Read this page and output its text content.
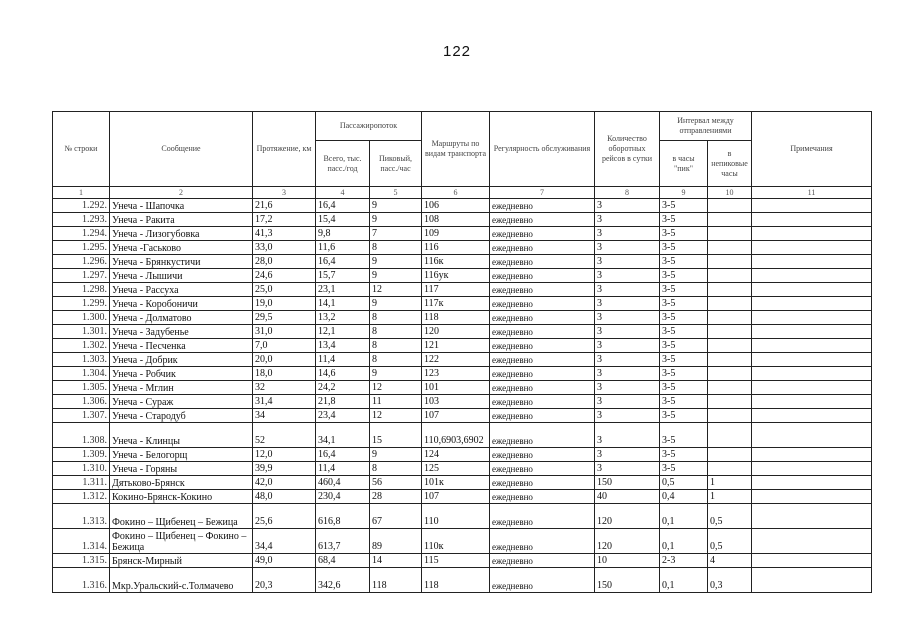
122
№ строки	Сообщение	Протяжение, км	Пассажиропоток		Маршруты по видам транспорта	Регулярность обслуживания	Количество оборотных рейсов в сутки	Интервал между отправлениями		Примечания
			Всего, тыс. пасс./год	Пиковый, пасс./час				в часы "пик"	в непиковые часы	
1	2	3	4	5	6	7	8	9	10	11
1.292.	Унеча - Шапочка	21,6	16,4	9	106	ежедневно	3	3-5		
1.293.	Унеча - Ракита	17,2	15,4	9	108	ежедневно	3	3-5		
1.294.	Унеча - Лизогубовка	41,3	9,8	7	109	ежедневно	3	3-5		
1.295.	Унеча -Гаськово	33,0	11,6	8	116	ежедневно	3	3-5		
1.296.	Унеча - Брянкустичи	28,0	16,4	9	116к	ежедневно	3	3-5		
1.297.	Унеча - Лышичи	24,6	15,7	9	116ук	ежедневно	3	3-5		
1.298.	Унеча - Рассуха	25,0	23,1	12	117	ежедневно	3	3-5		
1.299.	Унеча - Коробоничи	19,0	14,1	9	117к	ежедневно	3	3-5		
1.300.	Унеча - Долматово	29,5	13,2	8	118	ежедневно	3	3-5		
1.301.	Унеча - Задубенье	31,0	12,1	8	120	ежедневно	3	3-5		
1.302.	Унеча - Песченка	7,0	13,4	8	121	ежедневно	3	3-5		
1.303.	Унеча - Добрик	20,0	11,4	8	122	ежедневно	3	3-5		
1.304.	Унеча - Робчик	18,0	14,6	9	123	ежедневно	3	3-5		
1.305.	Унеча - Мглин	32	24,2	12	101	ежедневно	3	3-5		
1.306.	Унеча - Сураж	31,4	21,8	11	103	ежедневно	3	3-5		
1.307.	Унеча - Стародуб	34	23,4	12	107	ежедневно	3	3-5		
1.308.	Унеча - Клинцы	52	34,1	15	110,6903,6902	ежедневно	3	3-5		
1.309.	Унеча - Белогорщ	12,0	16,4	9	124	ежедневно	3	3-5		
1.310.	Унеча - Горяны	39,9	11,4	8	125	ежедневно	3	3-5		
1.311.	Дятьково-Брянск	42,0	460,4	56	101к	ежедневно	150	0,5	1	
1.312.	Кокино-Брянск-Кокино	48,0	230,4	28	107	ежедневно	40	0,4	1	
1.313.	Фокино – Щибенец – Бежица	25,6	616,8	67	110	ежедневно	120	0,1	0,5	
1.314.	Фокино – Щибенец – Фокино – Бежица	34,4	613,7	89	110к	ежедневно	120	0,1	0,5	
1.315.	Брянск-Мирный	49,0	68,4	14	115	ежедневно	10	2-3	4	
1.316.	Мкр.Уральский-с.Толмачево	20,3	342,6	118	118	ежедневно	150	0,1	0,3	
